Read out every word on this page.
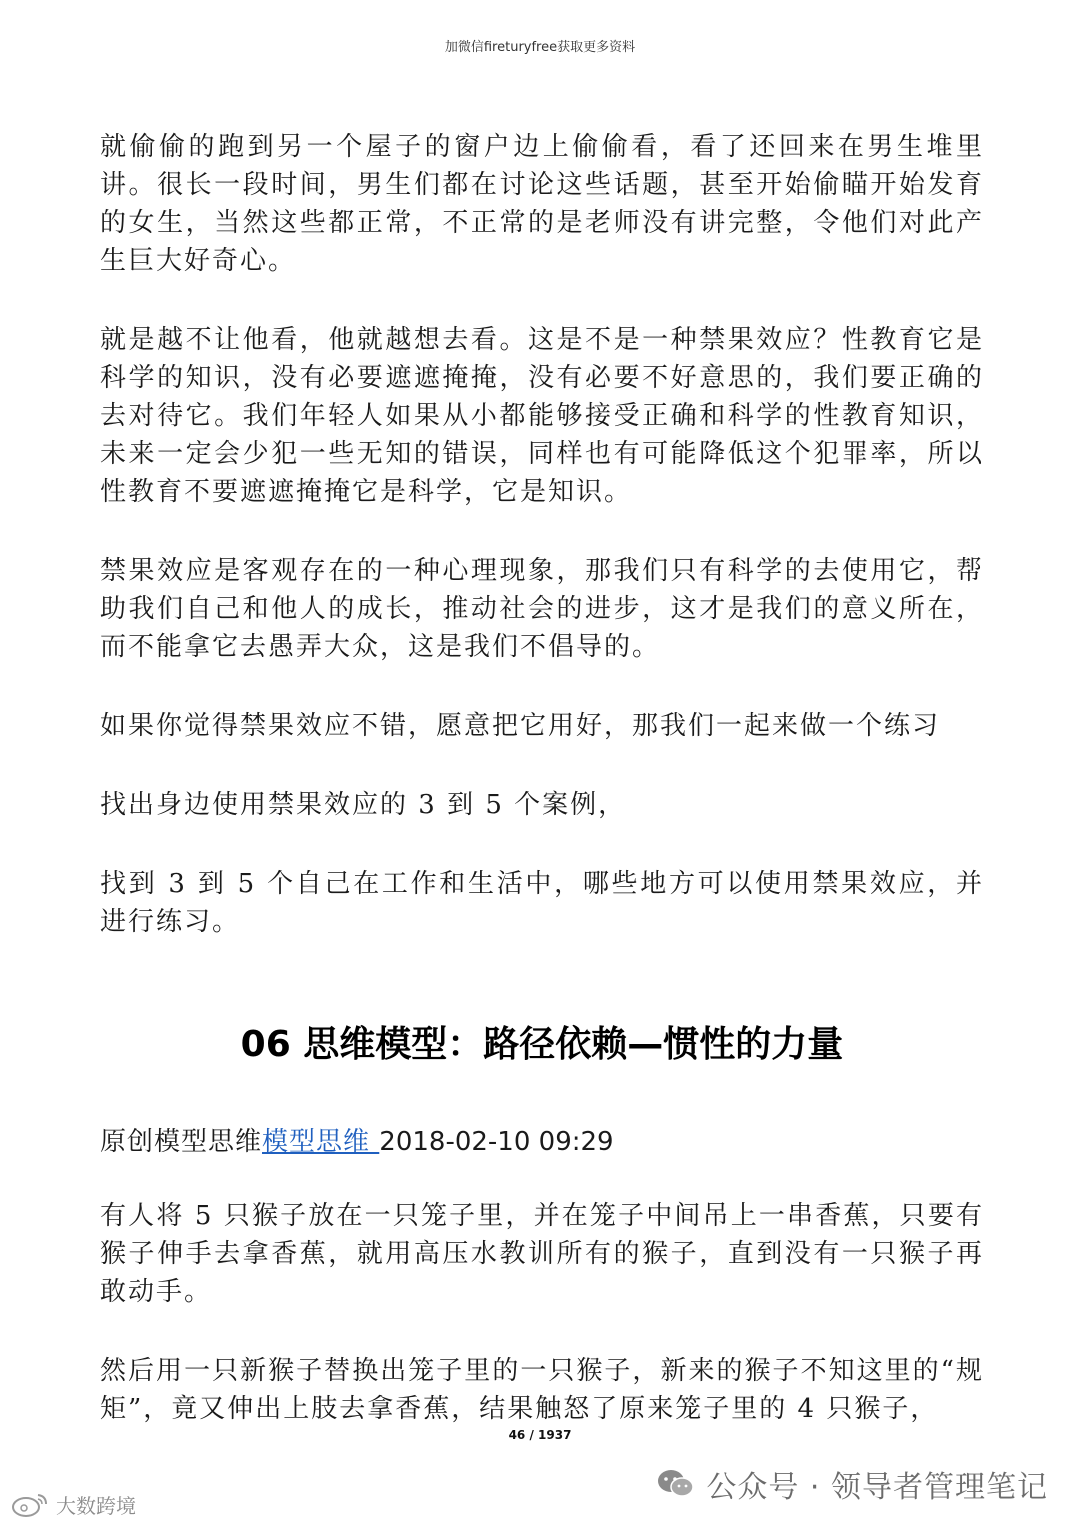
加微信fireturyfree获取更多资料

就偷偷的跑到另一个屋子的窗户边上偷偷看，看了还回来在男生堆里讲。很长一段时间，男生们都在讨论这些话题，甚至开始偷瞄开始发育的女生，当然这些都正常，不正常的是老师没有讲完整，令他们对此产生巨大好奇心。

就是越不让他看，他就越想去看。这是不是一种禁果效应？性教育它是科学的知识，没有必要遮遮掩掩，没有必要不好意思的，我们要正确的去对待它。我们年轻人如果从小都能够接受正确和科学的性教育知识，未来一定会少犯一些无知的错误，同样也有可能降低这个犯罪率，所以性教育不要遮遮掩掩它是科学，它是知识。

禁果效应是客观存在的一种心理现象，那我们只有科学的去使用它，帮助我们自己和他人的成长，推动社会的进步，这才是我们的意义所在，而不能拿它去愚弄大众，这是我们不倡导的。

如果你觉得禁果效应不错，愿意把它用好，那我们一起来做一个练习

找出身边使用禁果效应的 3 到 5 个案例，

找到 3 到 5 个自己在工作和生活中，哪些地方可以使用禁果效应，并进行练习。

06 思维模型：路径依赖—惯性的力量

原创模型思维模型思维 2018-02-10 09:29

有人将 5 只猴子放在一只笼子里，并在笼子中间吊上一串香蕉，只要有猴子伸手去拿香蕉，就用高压水教训所有的猴子，直到没有一只猴子再敢动手。

然后用一只新猴子替换出笼子里的一只猴子，新来的猴子不知这里的“规矩”，竟又伸出上肢去拿香蕉，结果触怒了原来笼子里的 4 只猴子，

46 / 1937
公众号 · 领导者管理笔记
大数跨境
